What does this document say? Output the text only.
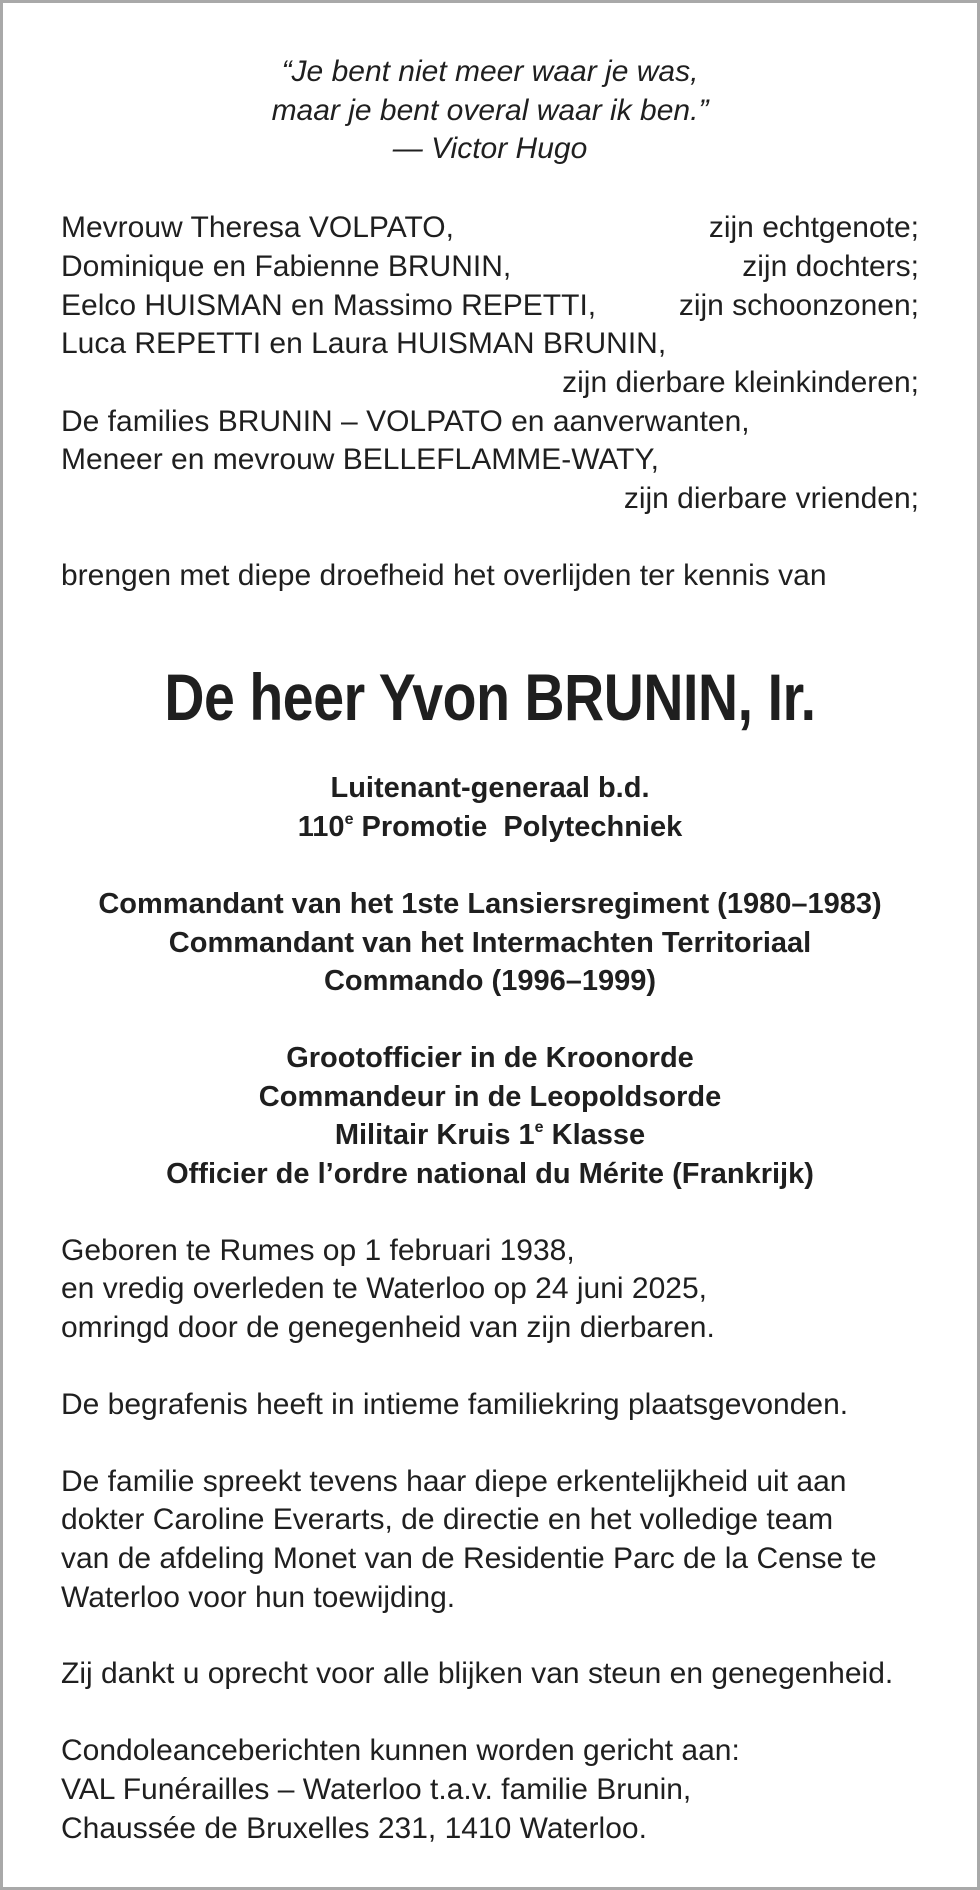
“Je bent niet meer waar je was,
maar je bent overal waar ik ben.”
— Victor Hugo
Mevrouw Theresa VOLPATO,	zijn echtgenote;
Dominique en Fabienne BRUNIN,	zijn dochters;
Eelco HUISMAN en Massimo REPETTI,	zijn schoonzonen;
Luca REPETTI en Laura HUISMAN BRUNIN,
zijn dierbare kleinkinderen;
De families BRUNIN – VOLPATO en aanverwanten,
Meneer en mevrouw BELLEFLAMME-WATY,
zijn dierbare vrienden;
brengen met diepe droefheid het overlijden ter kennis van
De heer Yvon BRUNIN, Ir.
Luitenant-generaal b.d.
110e Promotie  Polytechniek
Commandant van het 1ste Lansiersregiment (1980–1983)
Commandant van het Intermachten Territoriaal
Commando (1996–1999)
Grootofficier in de Kroonorde
Commandeur in de Leopoldsorde
Militair Kruis 1e Klasse
Officier de l’ordre national du Mérite (Frankrijk)
Geboren te Rumes op 1 februari 1938,
en vredig overleden te Waterloo op 24 juni 2025,
omringd door de genegenheid van zijn dierbaren.
De begrafenis heeft in intieme familiekring plaatsgevonden.
De familie spreekt tevens haar diepe erkentelijkheid uit aan
dokter Caroline Everarts, de directie en het volledige team
van de afdeling Monet van de Residentie Parc de la Cense te
Waterloo voor hun toewijding.
Zij dankt u oprecht voor alle blijken van steun en genegenheid.
Condoleanceberichten kunnen worden gericht aan:
VAL Funérailles – Waterloo t.a.v. familie Brunin,
Chaussée de Bruxelles 231, 1410 Waterloo.
